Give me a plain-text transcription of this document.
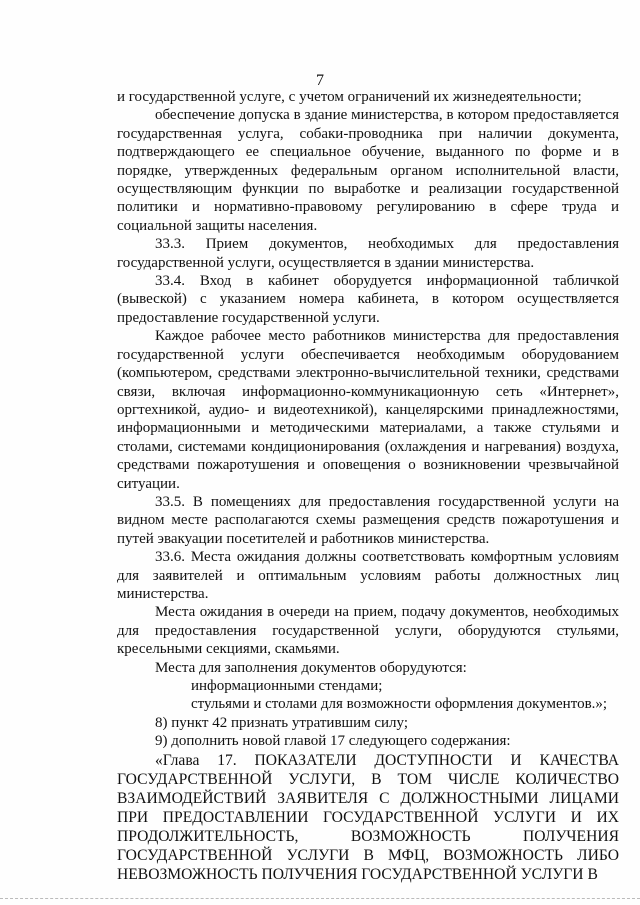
7

и государственной услуге, с учетом ограничений их жизнедеятельности;

обеспечение допуска в здание министерства, в котором предоставляется государственная услуга, собаки-проводника при наличии документа, подтверждающего ее специальное обучение, выданного по форме и в порядке, утвержденных федеральным органом исполнительной власти, осуществляющим функции по выработке и реализации государственной политики и нормативно-правовому регулированию в сфере труда и социальной защиты населения.

33.3. Прием документов, необходимых для предоставления государственной услуги, осуществляется в здании министерства.

33.4. Вход в кабинет оборудуется информационной табличкой (вывеской) с указанием номера кабинета, в котором осуществляется предоставление государственной услуги.

Каждое рабочее место работников министерства для предоставления государственной услуги обеспечивается необходимым оборудованием (компьютером, средствами электронно-вычислительной техники, средствами связи, включая информационно-коммуникационную сеть «Интернет», оргтехникой, аудио- и видеотехникой), канцелярскими принадлежностями, информационными и методическими материалами, а также стульями и столами, системами кондиционирования (охлаждения и нагревания) воздуха, средствами пожаротушения и оповещения о возникновении чрезвычайной ситуации.

33.5. В помещениях для предоставления государственной услуги на видном месте располагаются схемы размещения средств пожаротушения и путей эвакуации посетителей и работников министерства.

33.6. Места ожидания должны соответствовать комфортным условиям для заявителей и оптимальным условиям работы должностных лиц министерства.

Места ожидания в очереди на прием, подачу документов, необходимых для предоставления государственной услуги, оборудуются стульями, кресельными секциями, скамьями.

Места для заполнения документов оборудуются:

информационными стендами;

стульями и столами для возможности оформления документов.»;

8) пункт 42 признать утратившим силу;

9) дополнить новой главой 17 следующего содержания:

«Глава 17. ПОКАЗАТЕЛИ ДОСТУПНОСТИ И КАЧЕСТВА ГОСУДАРСТВЕННОЙ УСЛУГИ, В ТОМ ЧИСЛЕ КОЛИЧЕСТВО ВЗАИМОДЕЙСТВИЙ ЗАЯВИТЕЛЯ С ДОЛЖНОСТНЫМИ ЛИЦАМИ ПРИ ПРЕДОСТАВЛЕНИИ ГОСУДАРСТВЕННОЙ УСЛУГИ И ИХ ПРОДОЛЖИТЕЛЬНОСТЬ, ВОЗМОЖНОСТЬ ПОЛУЧЕНИЯ ГОСУДАРСТВЕННОЙ УСЛУГИ В МФЦ, ВОЗМОЖНОСТЬ ЛИБО НЕВОЗМОЖНОСТЬ ПОЛУЧЕНИЯ ГОСУДАРСТВЕННОЙ УСЛУГИ В
